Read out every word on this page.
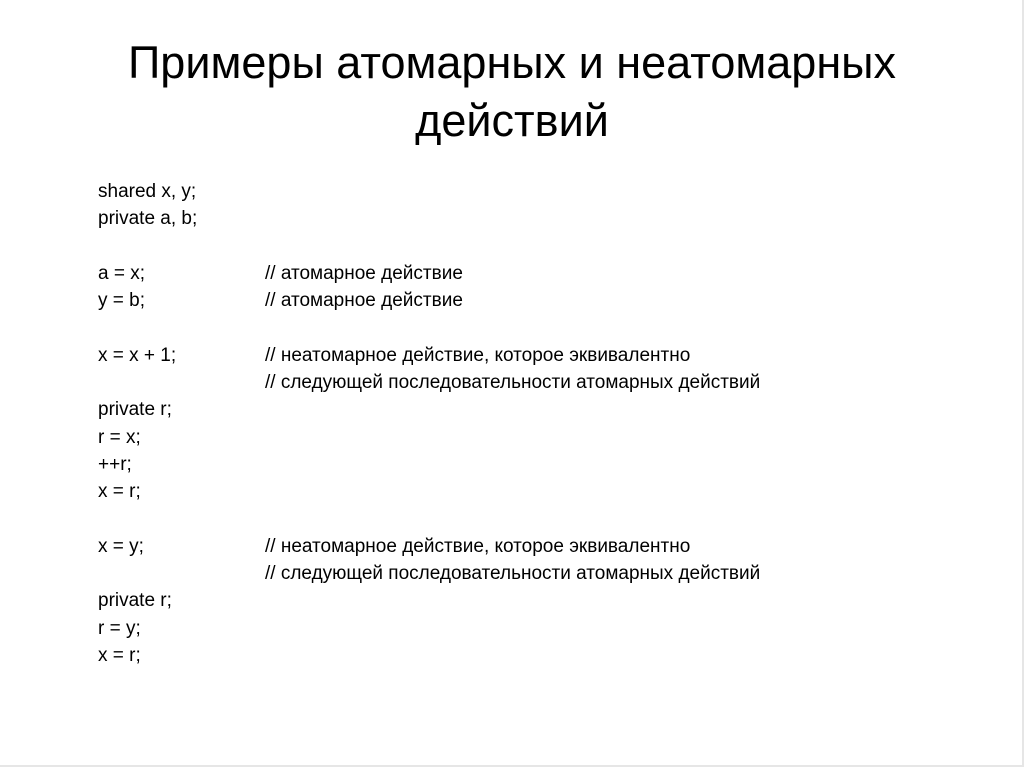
Примеры атомарных и неатомарных
действий
shared x, y;
private a, b;
a = x;	// атомарное действие
y = b;	// атомарное действие
x = x + 1;	// неатомарное действие, которое эквивалентно
// следующей последовательности атомарных действий
private r;
r = x;
++r;
x = r;
x = y;	// неатомарное действие, которое эквивалентно
// следующей последовательности атомарных действий
private r;
r = y;
x = r;
